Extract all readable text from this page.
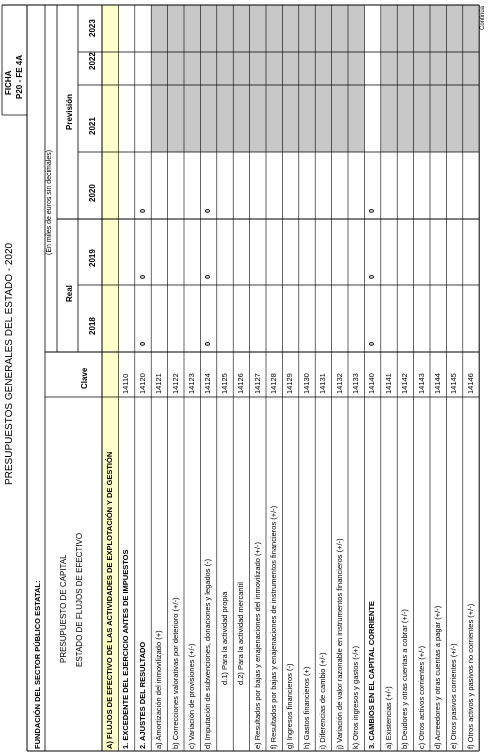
PRESUPUESTOS GENERALES DEL ESTADO - 2020
FICHA P20 - FE 4A
FUNDACIÓN DEL SECTOR PÚBLICO ESTATAL: PRESUPUESTO DE CAPITAL ESTADO DE FLUJOS DE EFECTIVO
Clave
(En miles de euros sin decimales)
Real
Previsión
2018
2019
2020
2021
2022
2023
A) FLUJOS DE EFECTIVO DE LAS ACTIVIDADES DE EXPLOTACIÓN Y DE GESTIÓN 1. EXCEDENTE DEL EJERCICIO ANTES DE IMPUESTOS
14110
2. AJUSTES DEL RESULTADO
14120
0
0
0
a) Amortización del inmovilizado (+)
14121
b) Correcciones valorativas por deterioro (+/-)
14122
c) Variación de provisiones (+/-)
14123
d) Imputación de subvenciones, donaciones y legados (-)
14124
0
0
0
d.1) Para la actividad propia
14125
d.2) Para la actividad mercantil
14126
e) Resultados por bajas y enajenaciones del inmovilizado (+/-)
14127
f) Resultados por bajas y enajenaciones de instrumentos financieros (+/-)
14128
g) Ingresos financieros (-)
14129
h) Gastos financieros (+)
14130
i) Diferencias de cambio (+/-)
14131
j) Variación de valor razonable en instrumentos financieros (+/-)
14132
k) Otros ingresos y gastos (-/+)
14133
3. CAMBIOS EN EL CAPITAL CORRIENTE
14140
0
0
0
a) Existencias (+/-)
14141
b) Deudores y otras cuentas a cobrar (+/-)
14142
c) Otros activos corrientes (+/-)
14143
d) Acreedores y otras cuentas a pagar (+/-)
14144
e) Otros pasivos corrientes (+/-)
14145
f) Otros activos y pasivos no corrientes (+/-)
14146
Continúa
